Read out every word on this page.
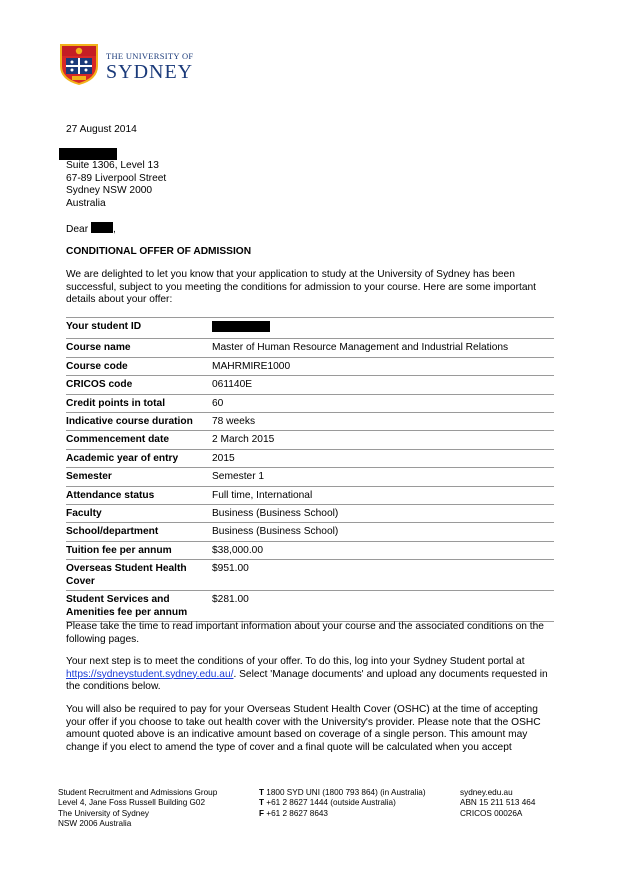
THE UNIVERSITY OF
SYDNEY
27 August 2014
Suite 1306, Level 13
67-89 Liverpool Street
Sydney NSW 2000
Australia
Dear ,
CONDITIONAL OFFER OF ADMISSION
We are delighted to let you know that your application to study at the University of Sydney has been successful, subject to you meeting the conditions for admission to your course. Here are some important details about your offer:
Your student ID	
Course name	Master of Human Resource Management and Industrial Relations
Course code	MAHRMIRE1000
CRICOS code	061140E
Credit points in total	60
Indicative course duration	78 weeks
Commencement date	2 March 2015
Academic year of entry	2015
Semester	Semester 1
Attendance status	Full time, International
Faculty	Business (Business School)
School/department	Business (Business School)
Tuition fee per annum	$38,000.00
Overseas Student Health Cover	$951.00
Student Services and Amenities fee per annum	$281.00
Please take the time to read important information about your course and the associated conditions on the following pages.
Your next step is to meet the conditions of your offer. To do this, log into your Sydney Student portal at https://sydneystudent.sydney.edu.au/. Select 'Manage documents' and upload any documents requested in the conditions below.
You will also be required to pay for your Overseas Student Health Cover (OSHC) at the time of accepting your offer if you choose to take out health cover with the University's provider. Please note that the OSHC amount quoted above is an indicative amount based on coverage of a single person. This amount may change if you elect to amend the type of cover and a final quote will be calculated when you accept
Student Recruitment and Admissions Group
Level 4, Jane Foss Russell Building G02
The University of Sydney
NSW 2006 Australia
T 1800 SYD UNI (1800 793 864) (in Australia)
T +61 2 8627 1444 (outside Australia)
F +61 2 8627 8643
sydney.edu.au
ABN 15 211 513 464
CRICOS 00026A
